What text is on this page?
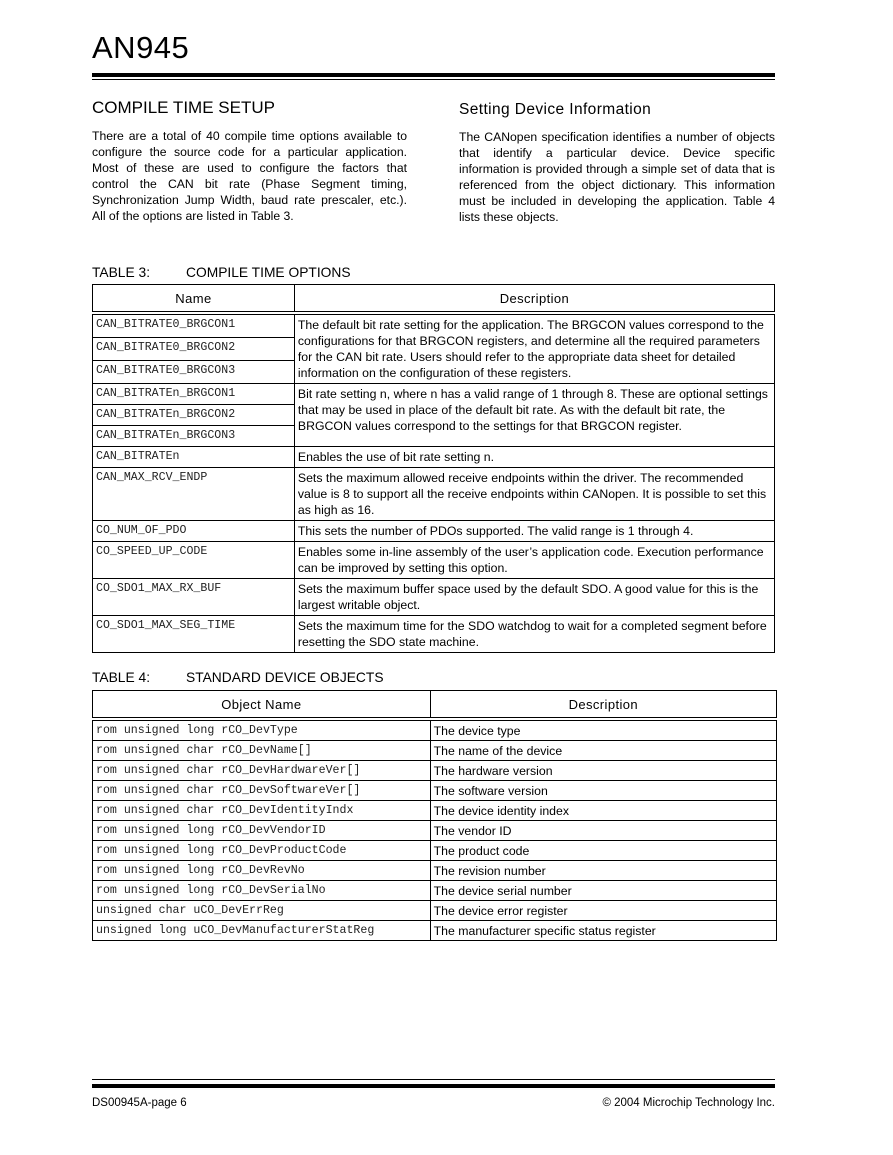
AN945
COMPILE TIME SETUP

There are a total of 40 compile time options available to configure the source code for a particular application. Most of these are used to configure the factors that control the CAN bit rate (Phase Segment timing, Synchronization Jump Width, baud rate prescaler, etc.). All of the options are listed in Table 3.

Setting Device Information

The CANopen specification identifies a number of objects that identify a particular device. Device specific information is provided through a simple set of data that is referenced from the object dictionary. This information must be included in developing the application. Table 4 lists these objects.

TABLE 3:	COMPILE TIME OPTIONS
Name	Description
CAN_BITRATE0_BRGCON1	The default bit rate setting for the application. The BRGCON values correspond to the configurations for that BRGCON registers, and determine all the required parameters for the CAN bit rate. Users should refer to the appropriate data sheet for detailed information on the configuration of these registers.
CAN_BITRATE0_BRGCON2	
CAN_BITRATE0_BRGCON3	
CAN_BITRATEn_BRGCON1	Bit rate setting n, where n has a valid range of 1 through 8. These are optional settings that may be used in place of the default bit rate. As with the default bit rate, the BRGCON values correspond to the settings for that BRGCON register.
CAN_BITRATEn_BRGCON2	
CAN_BITRATEn_BRGCON3	
CAN_BITRATEn	Enables the use of bit rate setting n.
CAN_MAX_RCV_ENDP	Sets the maximum allowed receive endpoints within the driver. The recommended value is 8 to support all the receive endpoints within CANopen. It is possible to set this as high as 16.
CO_NUM_OF_PDO	This sets the number of PDOs supported. The valid range is 1 through 4.
CO_SPEED_UP_CODE	Enables some in-line assembly of the user’s application code. Execution performance can be improved by setting this option.
CO_SDO1_MAX_RX_BUF	Sets the maximum buffer space used by the default SDO. A good value for this is the largest writable object.
CO_SDO1_MAX_SEG_TIME	Sets the maximum time for the SDO watchdog to wait for a completed segment before resetting the SDO state machine.
TABLE 4:	STANDARD DEVICE OBJECTS
Object Name	Description
rom unsigned long rCO_DevType	The device type
rom unsigned char rCO_DevName[]	The name of the device
rom unsigned char rCO_DevHardwareVer[]	The hardware version
rom unsigned char rCO_DevSoftwareVer[]	The software version
rom unsigned char rCO_DevIdentityIndx	The device identity index
rom unsigned long rCO_DevVendorID	The vendor ID
rom unsigned long rCO_DevProductCode	The product code
rom unsigned long rCO_DevRevNo	The revision number
rom unsigned long rCO_DevSerialNo	The device serial number
unsigned char uCO_DevErrReg	The device error register
unsigned long uCO_DevManufacturerStatReg	The manufacturer specific status register
DS00945A-page 6	© 2004 Microchip Technology Inc.
